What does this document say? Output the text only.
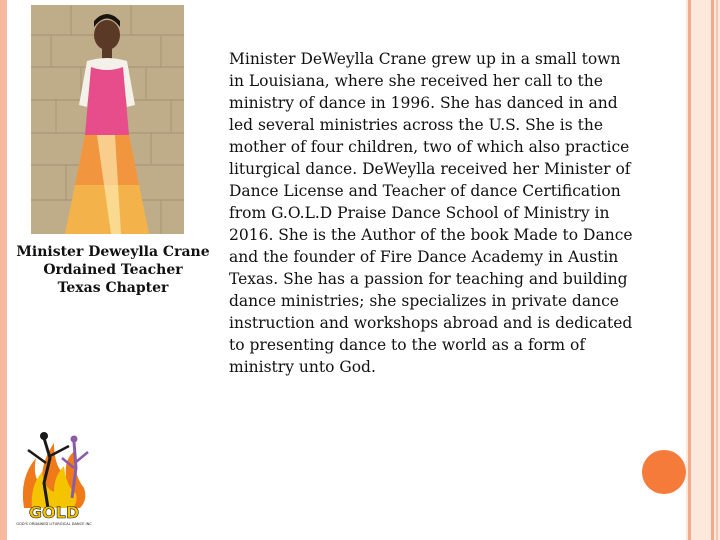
Minister Deweylla Crane
Ordained Teacher
Texas Chapter
Minister DeWeylla Crane grew up in a small town in Louisiana, where she received her call to the ministry of dance in 1996. She has danced in and led several ministries across the U.S. She is the mother of four children, two of which also practice liturgical dance. DeWeylla received her Minister of Dance License and Teacher of dance Certification from G.O.L.D Praise Dance School of Ministry in 2016. She is the Author of the book Made to Dance and the founder of Fire Dance Academy in Austin Texas. She has a passion for teaching and building dance ministries; she specializes in private dance instruction and workshops abroad and is dedicated to presenting dance to the world as a form of ministry unto God.
GOLD
GOD'S ORDAINED LITURGICAL DANCE INC
